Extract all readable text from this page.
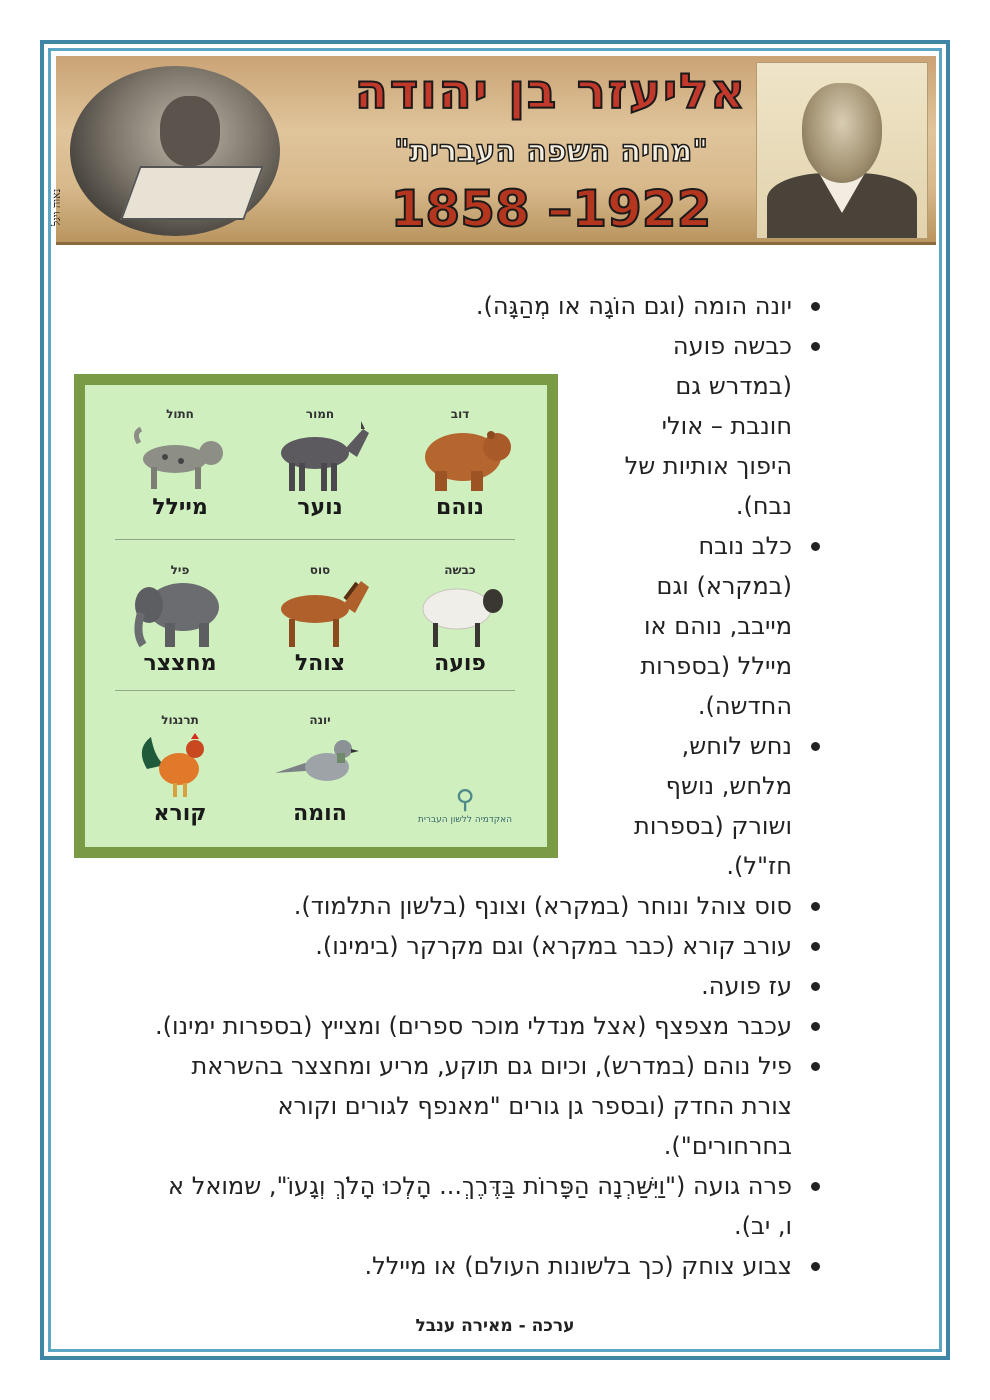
נאוה ויגל
אליעזר בן יהודה
"מחיה השפה העברית"
1858 –1922
דוב
נוהם
חמור
נוער
חתול
מיילל
כבשה
פועה
סוס
צוהל
פיל
מחצצר
יונה
הומה
תרנגול
קורא	⚲
האקדמיה ללשון העברית
יונה הומה (וגם הוֹגָה או מְהַגָּה).
כבשה פועה (במדרש גם חונבת – אולי היפוך אותיות של נבח).
כלב נובח (במקרא) וגם מייבב, נוהם או מיילל (בספרות החדשה).
נחש לוחש, מלחש, נושף ושורק (בספרות חז"ל).
סוס צוהל ונוחר (במקרא) וצונף (בלשון התלמוד).
עורב קורא (כבר במקרא) וגם מקרקר (בימינו).
עז פועה.
עכבר מצפצף (אצל מנדלי מוכר ספרים) ומצייץ (בספרות ימינו).
פיל נוהם (במדרש), וכיום גם תוקע, מריע ומחצצר בהשראת צורת החדק (ובספר גן גורים "מאנפף לגורים וקורא בחרחורים").
פרה גועה ("וַיִּשַּׁרְנָה הַפָּרוֹת בַּדֶּרֶךְ... הָלְכוּ הָלֹךְ וְגָעוֹ", שמואל א ו, יב).
צבוע צוחק (כך בלשונות העולם) או מיילל.
ערכה - מאירה ענבל
